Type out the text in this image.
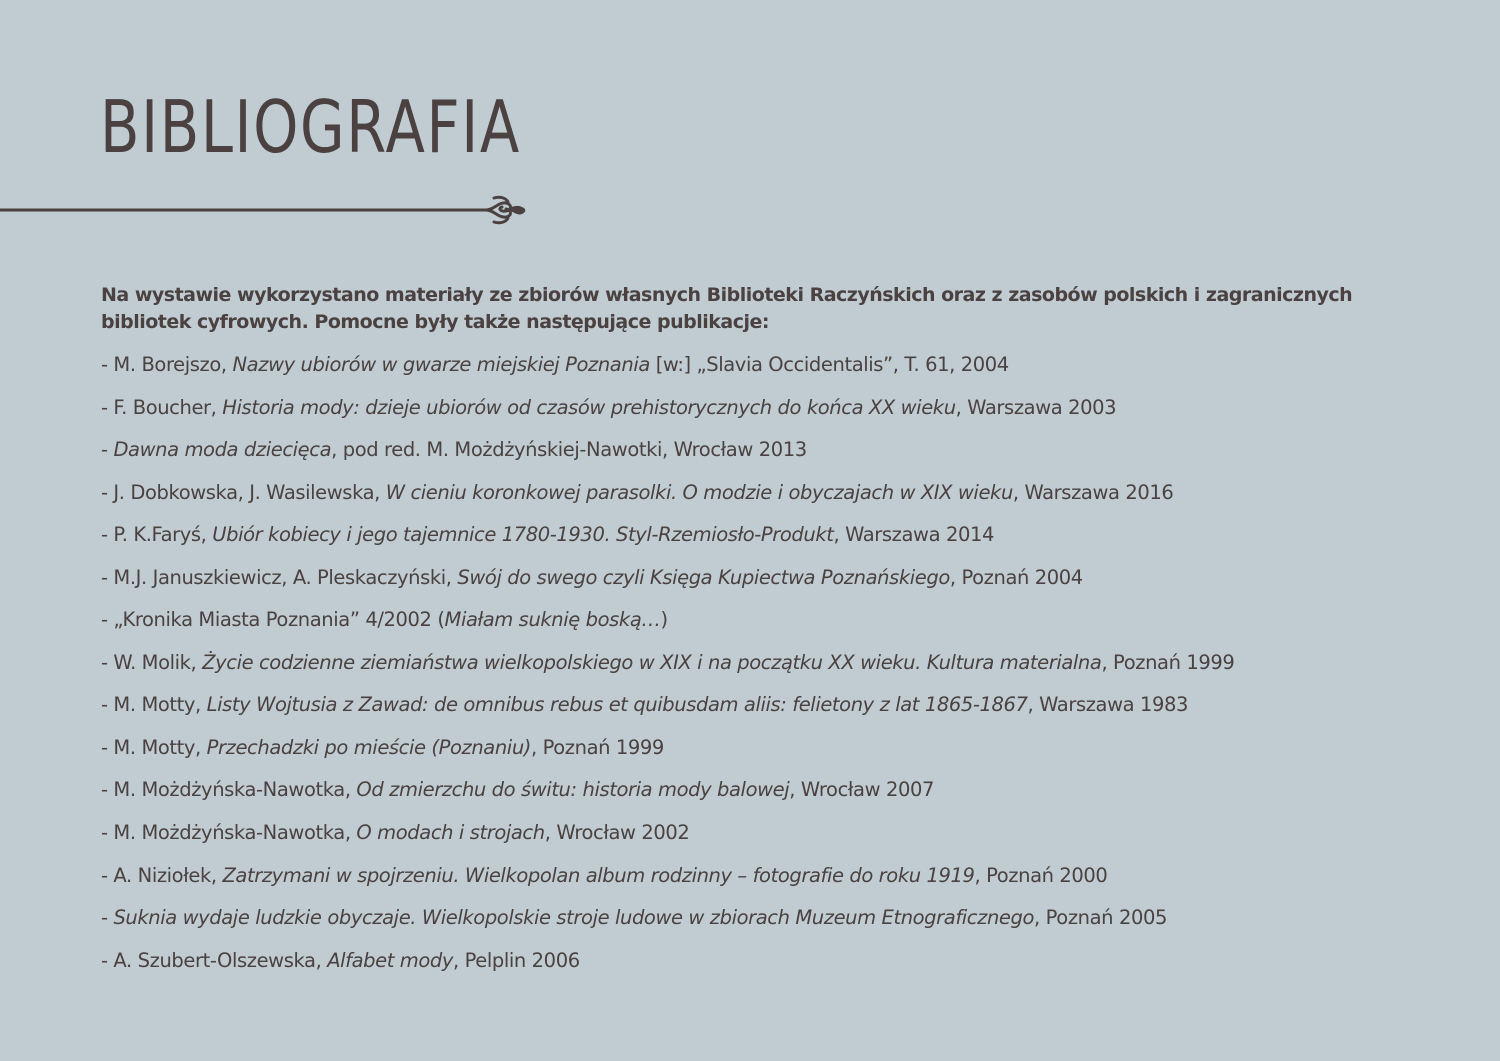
BIBLIOGRAFIA

Na wystawie wykorzystano materiały ze zbiorów własnych Biblioteki Raczyńskich oraz z zasobów polskich i zagranicznych bibliotek cyfrowych. Pomocne były także następujące publikacje:

- M. Borejszo, Nazwy ubiorów w gwarze miejskiej Poznania [w:] „Slavia Occidentalis”, T. 61, 2004
- F. Boucher, Historia mody: dzieje ubiorów od czasów prehistorycznych do końca XX wieku, Warszawa 2003
- Dawna moda dziecięca, pod red. M. Możdżyńskiej-Nawotki, Wrocław 2013
- J. Dobkowska, J. Wasilewska, W cieniu koronkowej parasolki. O modzie i obyczajach w XIX wieku, Warszawa 2016
- P. K.Faryś, Ubiór kobiecy i jego tajemnice 1780-1930. Styl-Rzemiosło-Produkt, Warszawa 2014
- M.J. Januszkiewicz, A. Pleskaczyński, Swój do swego czyli Księga Kupiectwa Poznańskiego, Poznań 2004
- „Kronika Miasta Poznania” 4/2002 (Miałam suknię boską…)
- W. Molik, Życie codzienne ziemiaństwa wielkopolskiego w XIX i na początku XX wieku. Kultura materialna, Poznań 1999
- M. Motty, Listy Wojtusia z Zawad: de omnibus rebus et quibusdam aliis: felietony z lat 1865-1867, Warszawa 1983
- M. Motty, Przechadzki po mieście (Poznaniu), Poznań 1999
- M. Możdżyńska-Nawotka, Od zmierzchu do świtu: historia mody balowej, Wrocław 2007
- M. Możdżyńska-Nawotka, O modach i strojach, Wrocław 2002
- A. Niziołek, Zatrzymani w spojrzeniu. Wielkopolan album rodzinny – fotografie do roku 1919, Poznań 2000
- Suknia wydaje ludzkie obyczaje. Wielkopolskie stroje ludowe w zbiorach Muzeum Etnograficznego, Poznań 2005
- A. Szubert-Olszewska, Alfabet mody, Pelplin 2006
